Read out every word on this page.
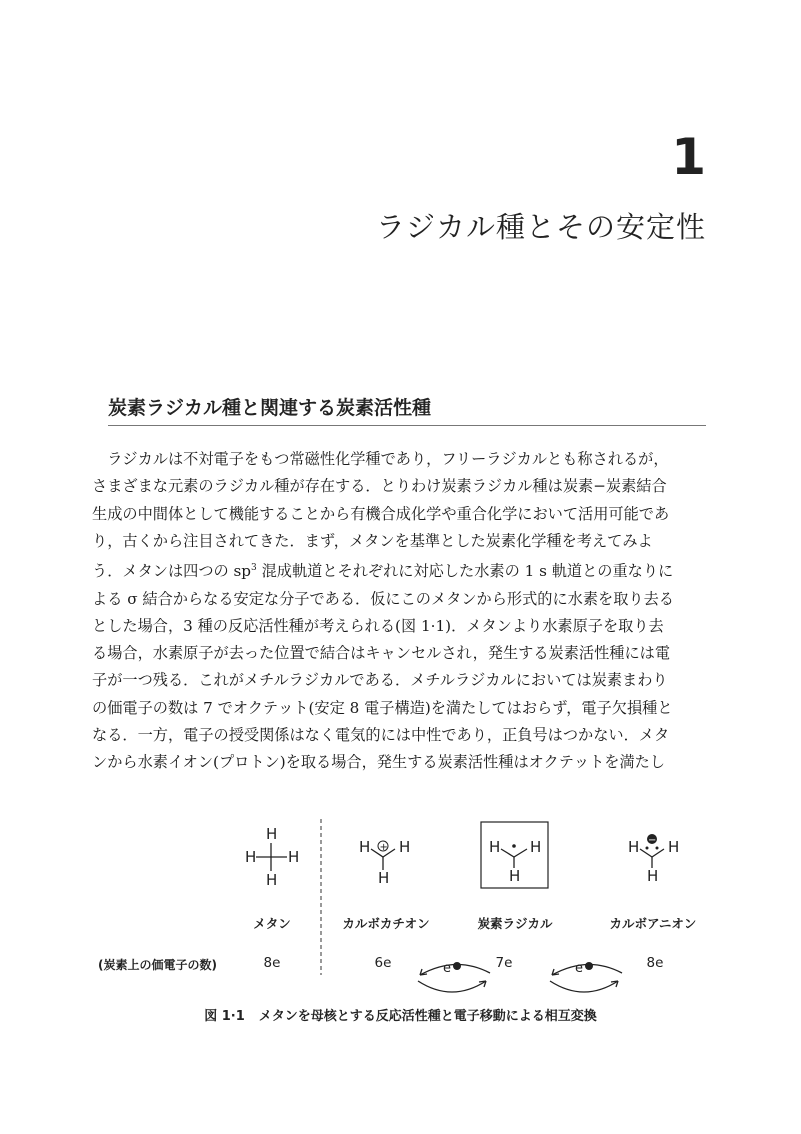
1
ラジカル種とその安定性
炭素ラジカル種と関連する炭素活性種

ラジカルは不対電子をもつ常磁性化学種であり，フリーラジカルとも称されるが，
さまざまな元素のラジカル種が存在する．とりわけ炭素ラジカル種は炭素−炭素結合
生成の中間体として機能することから有機合成化学や重合化学において活用可能であ
り，古くから注目されてきた．まず，メタンを基準とした炭素化学種を考えてみよ
う．メタンは四つの $sp^3$ 混成軌道とそれぞれに対応した水素の 1 s 軌道との重なりに
よる σ 結合からなる安定な分子である．仮にこのメタンから形式的に水素を取り去る
とした場合，3 種の反応活性種が考えられる(図 1·1)．メタンより水素原子を取り去
る場合，水素原子が去った位置で結合はキャンセルされ，発生する炭素活性種には電
子が一つ残る．これがメチルラジカルである．メチルラジカルにおいては炭素まわり
の価電子の数は 7 でオクテット(安定 8 電子構造)を満たしてはおらず，電子欠損種と
なる．一方，電子の授受関係はなく電気的には中性であり，正負号はつかない．メタ
ンから水素イオン(プロトン)を取る場合，発生する炭素活性種はオクテットを満たし

H
H H
H
H H
H
+	H H
H
H H
H
−
e	e
メタン	カルボカチオン	炭素ラジカル	カルボアニオン
(炭素上の価電子の数)	8e	6e	7e	8e
図 1·1 メタンを母核とする反応活性種と電子移動による相互変換
